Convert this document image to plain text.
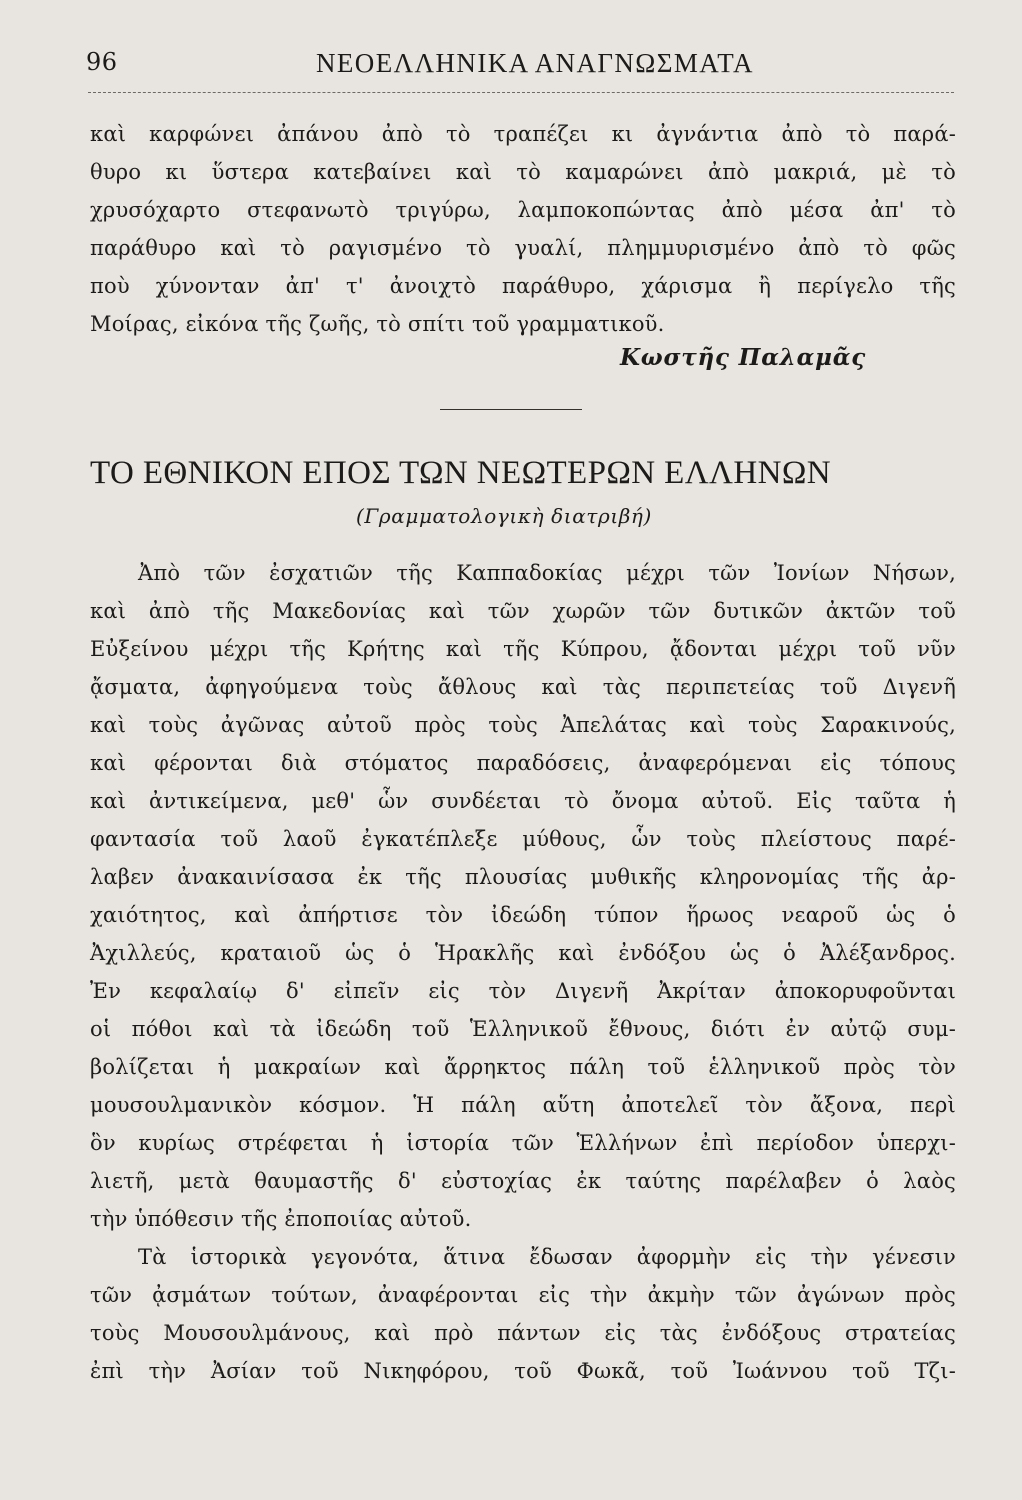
96	ΝΕΟΕΛΛΗΝΙΚΑ ΑΝΑΓΝΩΣΜΑΤΑ
καὶ καρφώνει ἀπάνου ἀπὸ τὸ τραπέζει κι ἀγνάντια ἀπὸ τὸ παρά-
θυρο κι ὕστερα κατεβαίνει καὶ τὸ καμαρώνει ἀπὸ μακριά, μὲ τὸ
χρυσόχαρτο στεφανωτὸ τριγύρω, λαμποκοπώντας ἀπὸ μέσα ἀπ' τὸ
παράθυρο καὶ τὸ ραγισμένο τὸ γυαλί, πλημμυρισμένο ἀπὸ τὸ φῶς
ποὺ χύνονταν ἀπ' τ' ἀνοιχτὸ παράθυρο, χάρισμα ἢ περίγελο τῆς
Μοίρας, εἰκόνα τῆς ζωῆς, τὸ σπίτι τοῦ γραμματικοῦ.
Κωστῆς Παλαμᾶς
ΤΟ ΕΘΝΙΚΟΝ ΕΠΟΣ ΤΩΝ ΝΕΩΤΕΡΩΝ ΕΛΛΗΝΩΝ
(Γραμματολογικὴ διατριβή)
Ἀπὸ τῶν ἐσχατιῶν τῆς Καππαδοκίας μέχρι τῶν Ἰονίων Νήσων,
καὶ ἀπὸ τῆς Μακεδονίας καὶ τῶν χωρῶν τῶν δυτικῶν ἀκτῶν τοῦ
Εὐξείνου μέχρι τῆς Κρήτης καὶ τῆς Κύπρου, ᾄδονται μέχρι τοῦ νῦν
ᾄσματα, ἀφηγούμενα τοὺς ἄθλους καὶ τὰς περιπετείας τοῦ Διγενῆ
καὶ τοὺς ἀγῶνας αὐτοῦ πρὸς τοὺς Ἀπελάτας καὶ τοὺς Σαρακινούς,
καὶ φέρονται διὰ στόματος παραδόσεις, ἀναφερόμεναι εἰς τόπους
καὶ ἀντικείμενα, μεθ' ὧν συνδέεται τὸ ὄνομα αὐτοῦ. Εἰς ταῦτα ἡ
φαντασία τοῦ λαοῦ ἐγκατέπλεξε μύθους, ὧν τοὺς πλείστους παρέ-
λαβεν ἀνακαινίσασα ἐκ τῆς πλουσίας μυθικῆς κληρονομίας τῆς ἀρ-
χαιότητος, καὶ ἀπήρτισε τὸν ἰδεώδη τύπον ἥρωος νεαροῦ ὡς ὁ
Ἀχιλλεύς, κραταιοῦ ὡς ὁ Ἡρακλῆς καὶ ἐνδόξου ὡς ὁ Ἀλέξανδρος.
Ἐν κεφαλαίῳ δ' εἰπεῖν εἰς τὸν Διγενῆ Ἀκρίταν ἀποκορυφοῦνται
οἱ πόθοι καὶ τὰ ἰδεώδη τοῦ Ἑλληνικοῦ ἔθνους, διότι ἐν αὐτῷ συμ-
βολίζεται ἡ μακραίων καὶ ἄρρηκτος πάλη τοῦ ἑλληνικοῦ πρὸς τὸν
μουσουλμανικὸν κόσμον. Ἡ πάλη αὕτη ἀποτελεῖ τὸν ἄξονα, περὶ
ὃν κυρίως στρέφεται ἡ ἱστορία τῶν Ἑλλήνων ἐπὶ περίοδον ὑπερχι-
λιετῆ, μετὰ θαυμαστῆς δ' εὐστοχίας ἐκ ταύτης παρέλαβεν ὁ λαὸς
τὴν ὑπόθεσιν τῆς ἐποποιίας αὐτοῦ.
Τὰ ἱστορικὰ γεγονότα, ἅτινα ἔδωσαν ἀφορμὴν εἰς τὴν γένεσιν
τῶν ᾀσμάτων τούτων, ἀναφέρονται εἰς τὴν ἀκμὴν τῶν ἀγώνων πρὸς
τοὺς Μουσουλμάνους, καὶ πρὸ πάντων εἰς τὰς ἐνδόξους στρατείας
ἐπὶ τὴν Ἀσίαν τοῦ Νικηφόρου, τοῦ Φωκᾶ, τοῦ Ἰωάννου τοῦ Τζι-
